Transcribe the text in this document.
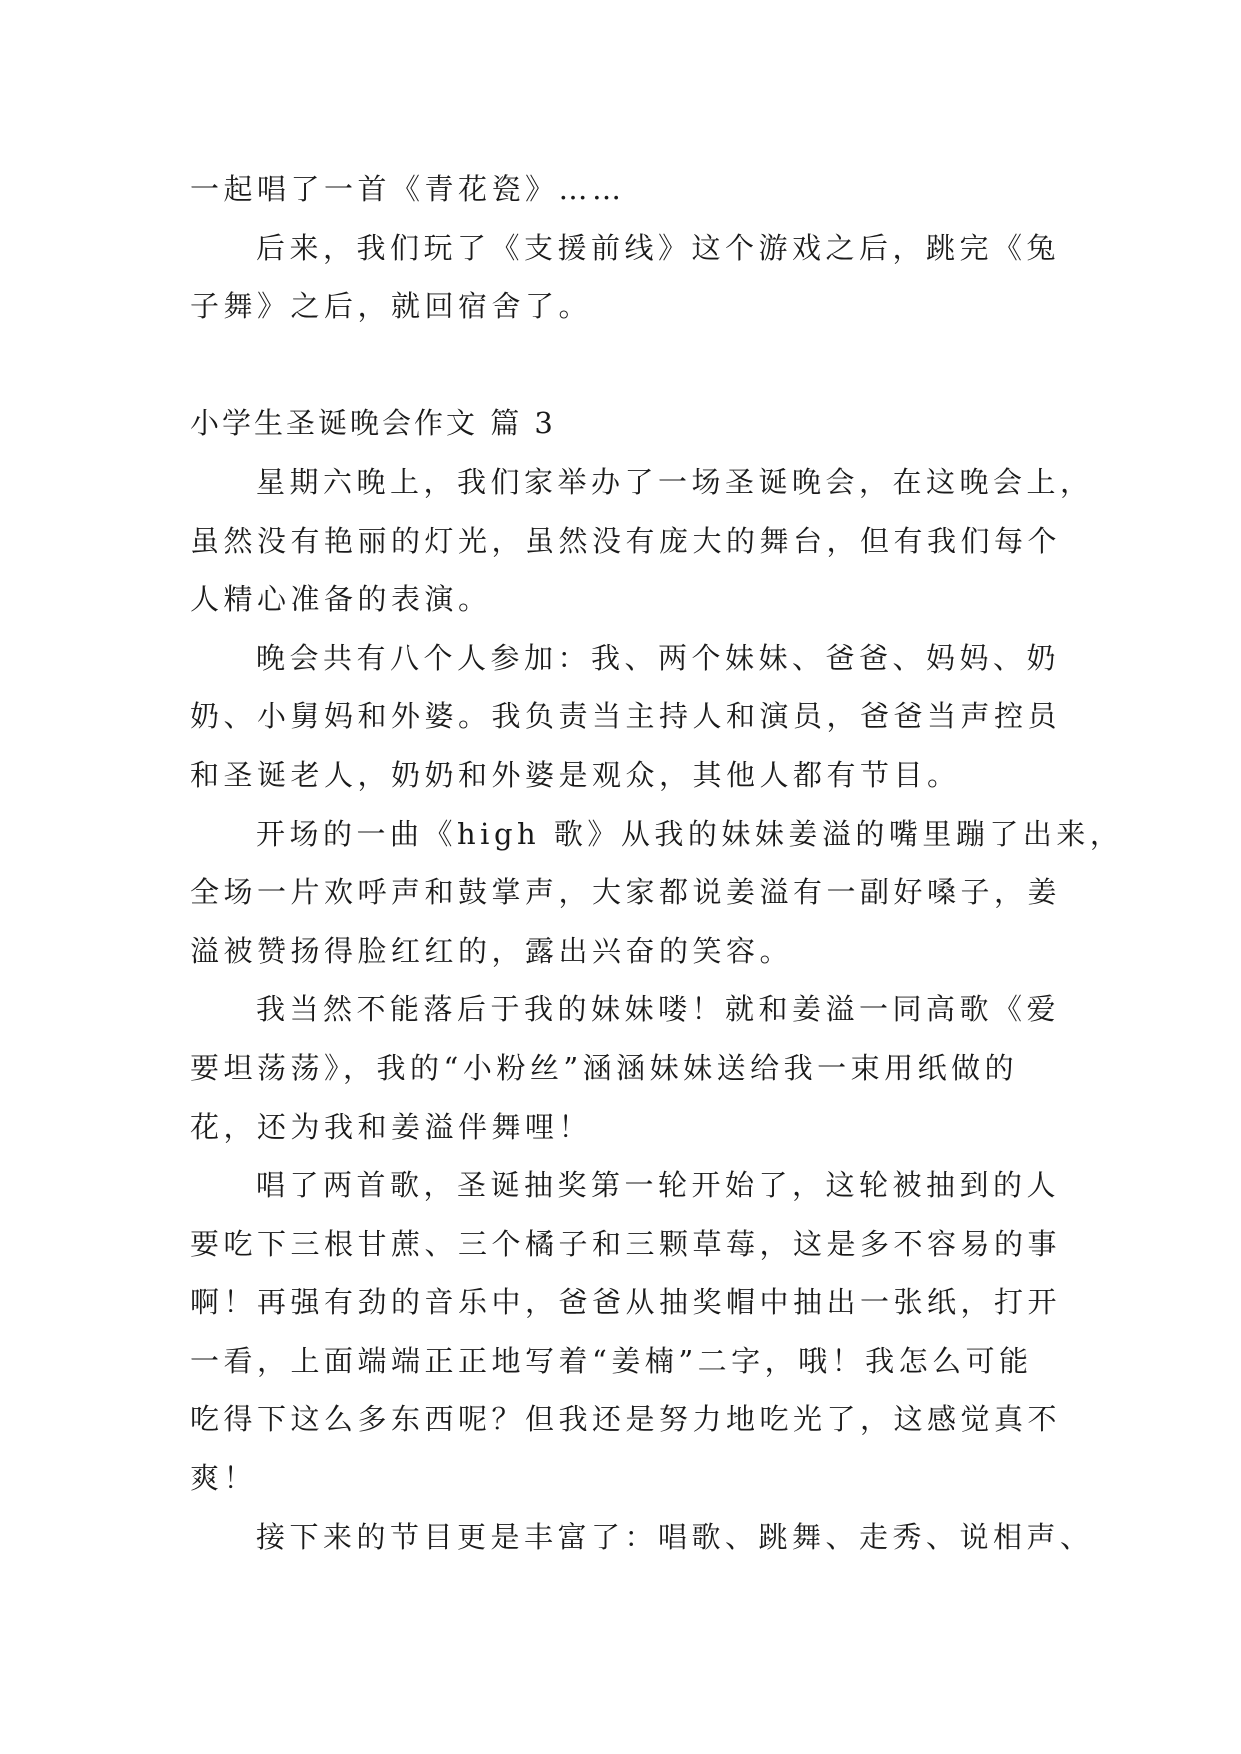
一起唱了一首《青花瓷》……
后来，我们玩了《支援前线》这个游戏之后，跳完《兔
子舞》之后，就回宿舍了。
小学生圣诞晚会作文 篇 3
星期六晚上，我们家举办了一场圣诞晚会，在这晚会上，
虽然没有艳丽的灯光，虽然没有庞大的舞台，但有我们每个
人精心准备的表演。
晚会共有八个人参加：我、两个妹妹、爸爸、妈妈、奶
奶、小舅妈和外婆。我负责当主持人和演员，爸爸当声控员
和圣诞老人，奶奶和外婆是观众，其他人都有节目。
开场的一曲《high 歌》从我的妹妹姜溢的嘴里蹦了出来，
全场一片欢呼声和鼓掌声，大家都说姜溢有一副好嗓子，姜
溢被赞扬得脸红红的，露出兴奋的笑容。
我当然不能落后于我的妹妹喽！就和姜溢一同高歌《爱
要坦荡荡》，我的“小粉丝”涵涵妹妹送给我一束用纸做的
花，还为我和姜溢伴舞哩！
唱了两首歌，圣诞抽奖第一轮开始了，这轮被抽到的人
要吃下三根甘蔗、三个橘子和三颗草莓，这是多不容易的事
啊！再强有劲的音乐中，爸爸从抽奖帽中抽出一张纸，打开
一看，上面端端正正地写着“姜楠”二字，哦！我怎么可能
吃得下这么多东西呢？但我还是努力地吃光了，这感觉真不
爽！
接下来的节目更是丰富了：唱歌、跳舞、走秀、说相声、
